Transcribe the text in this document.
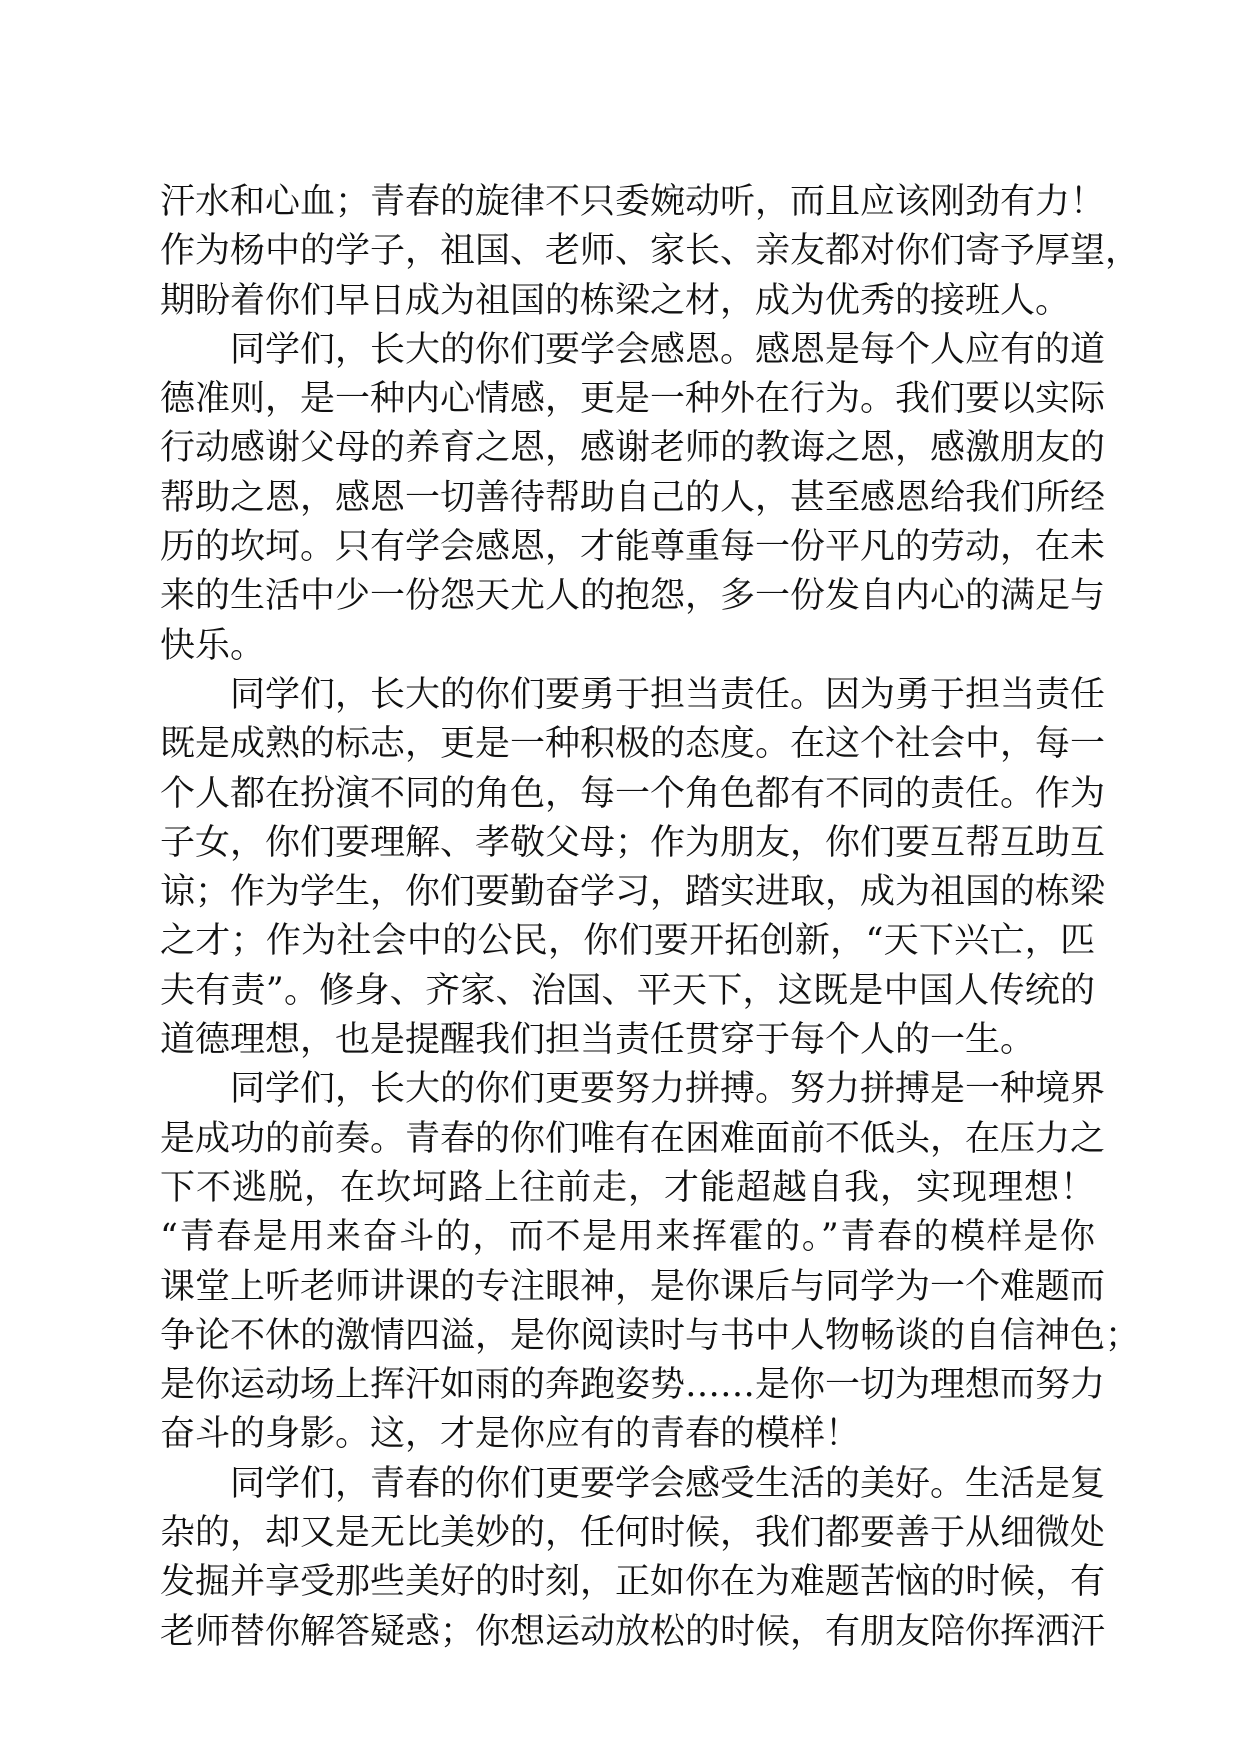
汗水和心血；青春的旋律不只委婉动听，而且应该刚劲有力！
作为杨中的学子，祖国、老师、家长、亲友都对你们寄予厚望，
期盼着你们早日成为祖国的栋梁之材，成为优秀的接班人。
　　同学们，长大的你们要学会感恩。感恩是每个人应有的道
德准则，是一种内心情感，更是一种外在行为。我们要以实际
行动感谢父母的养育之恩，感谢老师的教诲之恩，感激朋友的
帮助之恩，感恩一切善待帮助自己的人，甚至感恩给我们所经
历的坎坷。只有学会感恩，才能尊重每一份平凡的劳动，在未
来的生活中少一份怨天尤人的抱怨，多一份发自内心的满足与
快乐。
　　同学们，长大的你们要勇于担当责任。因为勇于担当责任
既是成熟的标志，更是一种积极的态度。在这个社会中，每一
个人都在扮演不同的角色，每一个角色都有不同的责任。作为
子女，你们要理解、孝敬父母；作为朋友，你们要互帮互助互
谅；作为学生，你们要勤奋学习，踏实进取，成为祖国的栋梁
之才；作为社会中的公民，你们要开拓创新，“天下兴亡，匹
夫有责”。修身、齐家、治国、平天下，这既是中国人传统的
道德理想，也是提醒我们担当责任贯穿于每个人的一生。
　　同学们，长大的你们更要努力拼搏。努力拼搏是一种境界
是成功的前奏。青春的你们唯有在困难面前不低头，在压力之
下不逃脱，在坎坷路上往前走，才能超越自我，实现理想！
“青春是用来奋斗的，而不是用来挥霍的。”青春的模样是你
课堂上听老师讲课的专注眼神，是你课后与同学为一个难题而
争论不休的激情四溢，是你阅读时与书中人物畅谈的自信神色；
是你运动场上挥汗如雨的奔跑姿势……是你一切为理想而努力
奋斗的身影。这，才是你应有的青春的模样！
　　同学们，青春的你们更要学会感受生活的美好。生活是复
杂的，却又是无比美妙的，任何时候，我们都要善于从细微处
发掘并享受那些美好的时刻，正如你在为难题苦恼的时候，有
老师替你解答疑惑；你想运动放松的时候，有朋友陪你挥洒汗
